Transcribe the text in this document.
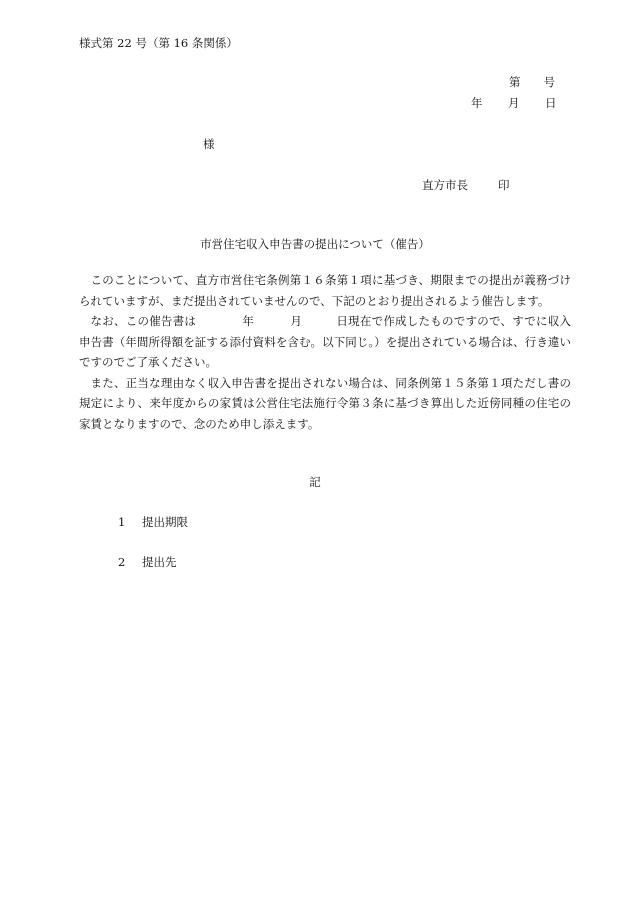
様式第 22 号（第 16 条関係）
第　　号
年 月 日
様
直方市長	印
市営住宅収入申告書の提出について（催告）

このことについて、直方市営住宅条例第１６条第１項に基づき、期限までの提出が義務づけられていますが、まだ提出されていませんので、下記のとおり提出されるよう催告します。

なお、この催告書は	年	月	日現在で作成したものですので、すでに収入申告書（年間所得額を証する添付資料を含む。以下同じ。）を提出されている場合は、行き違いですのでご了承ください。

また、正当な理由なく収入申告書を提出されない場合は、同条例第１５条第１項ただし書の規定により、来年度からの家賃は公営住宅法施行令第３条に基づき算出した近傍同種の住宅の家賃となりますので、念のため申し添えます。

記
1 提出期限
2 提出先
